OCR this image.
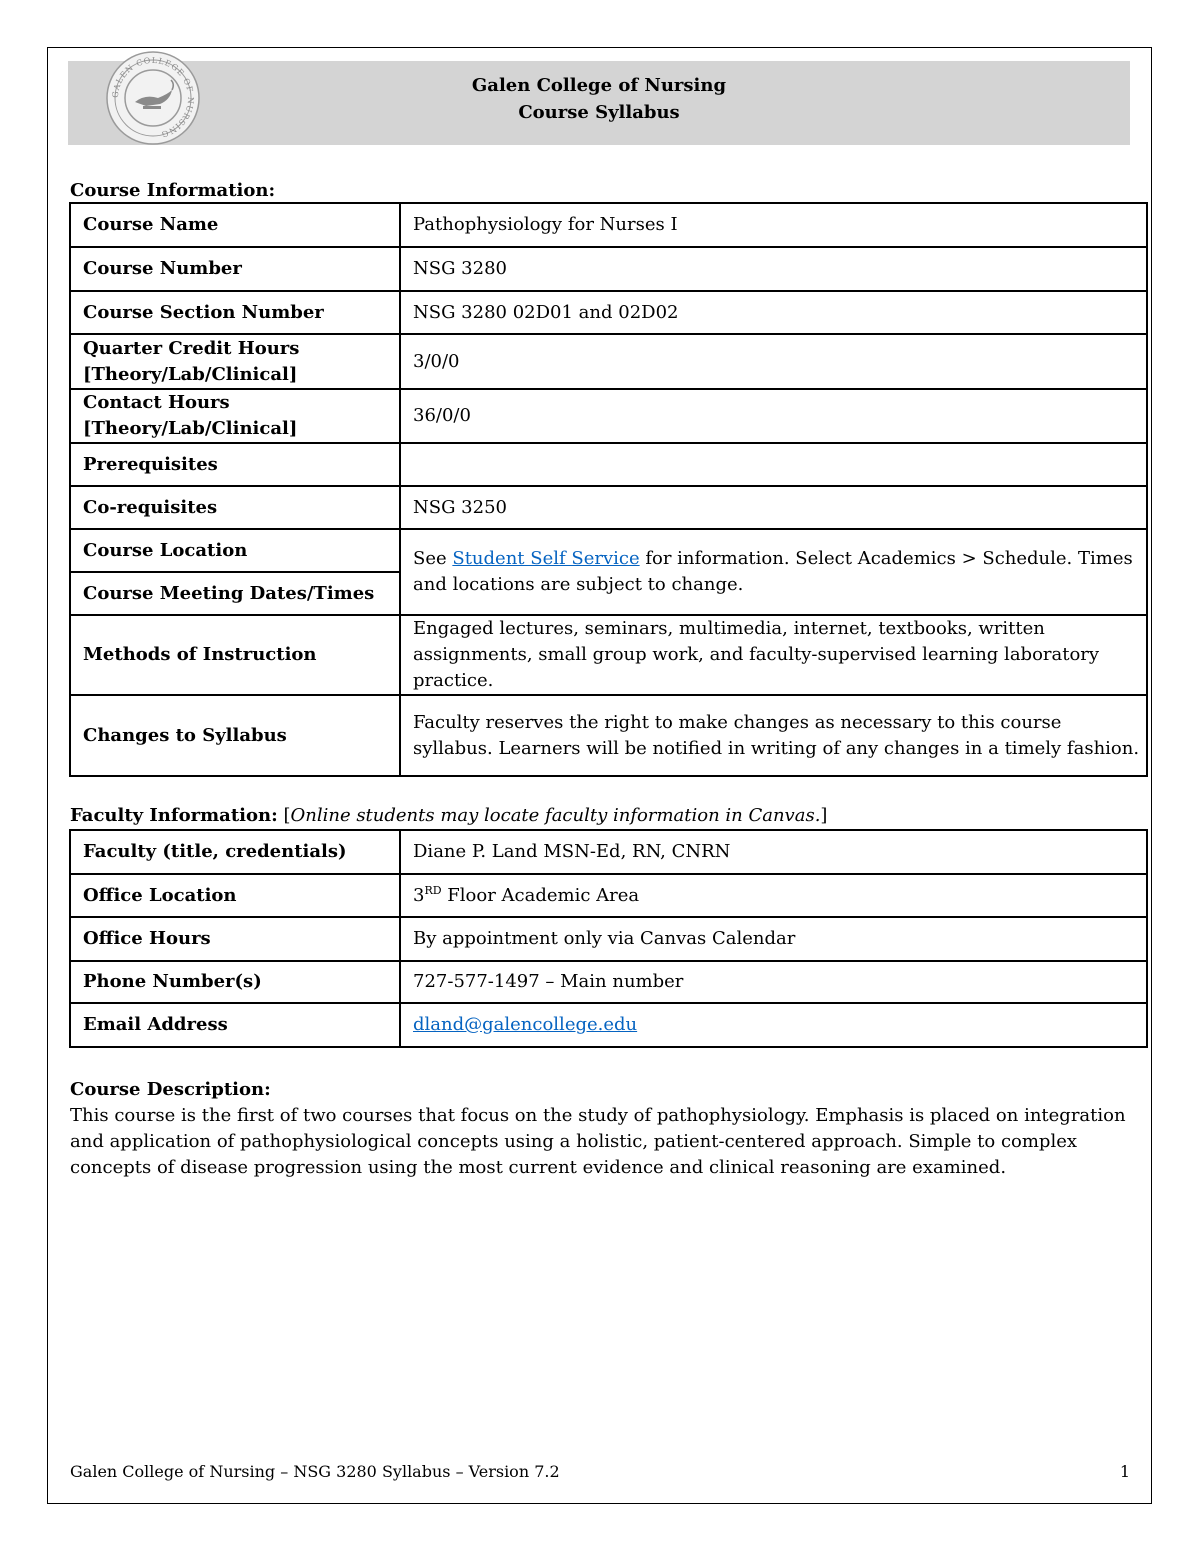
GALEN COLLEGE OF NURSING
Galen College of Nursing
Course Syllabus
Course Information:
Course Name	Pathophysiology for Nurses I
Course Number	NSG 3280
Course Section Number	NSG 3280 02D01 and 02D02
Quarter Credit Hours [Theory/Lab/Clinical]	3/0/0
Contact Hours [Theory/Lab/Clinical]	36/0/0
Prerequisites	
Co-requisites	NSG 3250
Course Location	See Student Self Service for information. Select Academics > Schedule. Times and locations are subject to change.
Course Meeting Dates/Times	
Methods of Instruction	Engaged lectures, seminars, multimedia, internet, textbooks, written assignments, small group work, and faculty-supervised learning laboratory practice.
Changes to Syllabus	Faculty reserves the right to make changes as necessary to this course syllabus. Learners will be notified in writing of any changes in a timely fashion.
Faculty Information: [Online students may locate faculty information in Canvas.]
Faculty (title, credentials)	Diane P. Land MSN-Ed, RN, CNRN
Office Location	3RD Floor Academic Area
Office Hours	By appointment only via Canvas Calendar
Phone Number(s)	727-577-1497 – Main number
Email Address	dland@galencollege.edu
Course Description:
This course is the first of two courses that focus on the study of pathophysiology. Emphasis is placed on integration and application of pathophysiological concepts using a holistic, patient-centered approach. Simple to complex concepts of disease progression using the most current evidence and clinical reasoning are examined.
Galen College of Nursing – NSG 3280 Syllabus – Version 7.2	1
